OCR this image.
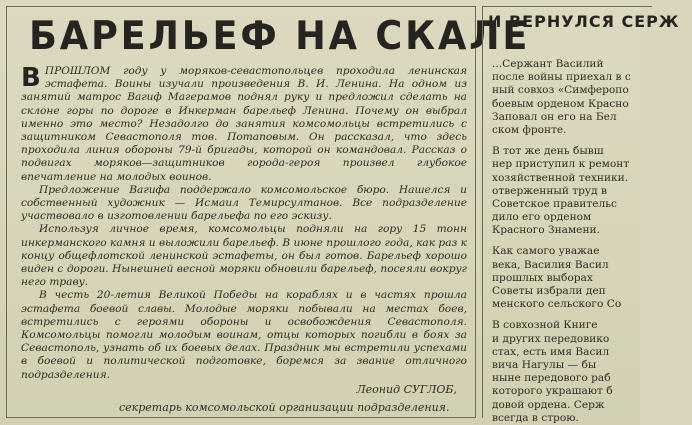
БАРЕЛЬЕФ НА СКАЛЕ

ВПРОШЛОМ году у моряков-севастопольцев проходила ленинская эстафета. Воины изучали произведения В. И. Ленина. На одном из занятий матрос Вагиф Магерамов поднял руку и предложил сделать на склоне горы по дороге в Инкерман барельеф Ленина. Почему он выбрал именно это место? Незадолго до занятия комсомольцы встретились с защитником Севастополя тов. Потаповым. Он рассказал, что здесь проходила линия обороны 79-й бригады, которой он командовал. Рассказ о подвигах моряков—защитников города-героя произвел глубокое впечатление на молодых воинов.

Предложение Вагифа поддержало комсомольское бюро. Нашелся и собственный художник — Исмаил Темирсултанов. Все подразделение участвовало в изготовлении барельефа по его эскизу.

Используя личное время, комсомольцы подняли на гору 15 тонн инкерманского камня и выложили барельеф. В июне прошлого года, как раз к концу общефлотской ленинской эстафеты, он был готов. Барельеф хорошо виден с дороги. Нынешней весной моряки обновили барельеф, посеяли вокруг него траву.

В честь 20-летия Великой Победы на кораблях и в частях прошла эстафета боевой славы. Молодые моряки побывали на местах боев, встретились с героями обороны и освобождения Севастополя. Комсомольцы помогли молодым воинам, отцы которых погибли в боях за Севастополь, узнать об их боевых делах. Праздник мы встретили успехами в боевой и политической подготовке, боремся за звание отличного подразделения.

Леонид СУГЛОБ,
секретарь комсомольской организации подразделения.
И ВЕРНУЛСЯ СЕРЖ
...Сержант Василий
после войны приехал в с
ный совхоз «Симферопо
боевым орденом Красно
Заповал он его на Бел
ском фронте.
В тот же день бывш
нер приступил к ремонт
хозяйственной техники.
отверженный труд в
Советское правительс
дило его орденом
Красного Знамени.
Как самого уважае
века, Василия Васил
прошлых выборах
Советы избрали деп
менского сельского Со
В совхозной Книге
и других передовико
стах, есть имя Васил
вича Нагулы — бы
ныне передового раб
которого украшают б
довой ордена. Серж
всегда в строю.
